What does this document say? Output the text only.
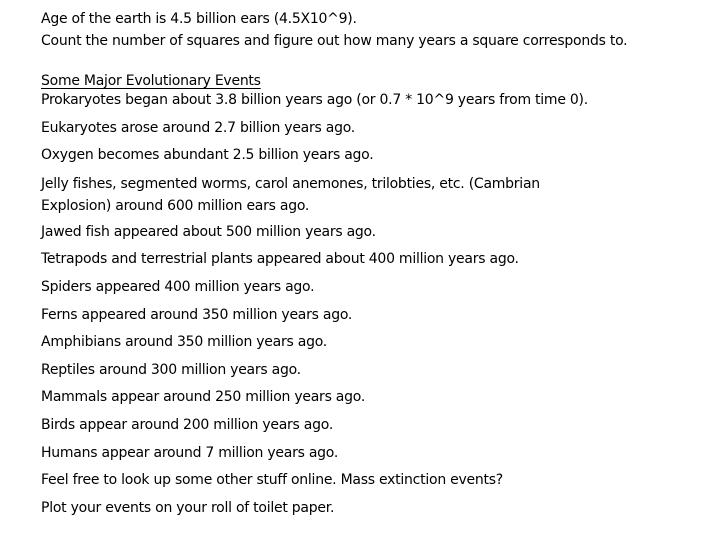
Age of the earth is 4.5 billion ears (4.5X10^9).
Count the number of squares and figure out how many years a square corresponds to.

Some Major Evolutionary Events

Prokaryotes began about 3.8 billion years ago (or 0.7 * 10^9 years from time 0).
Eukaryotes arose around 2.7 billion years ago.
Oxygen becomes abundant 2.5 billion years ago.
Jelly fishes, segmented worms, carol anemones, trilobties, etc. (Cambrian
Explosion) around 600 million ears ago.
Jawed fish appeared about 500 million years ago.
Tetrapods and terrestrial plants appeared about 400 million years ago.
Spiders appeared 400 million years ago.
Ferns appeared around 350 million years ago.
Amphibians around 350 million years ago.
Reptiles around 300 million years ago.
Mammals appear around 250 million years ago.
Birds appear around 200 million years ago.
Humans appear around 7 million years ago.
Feel free to look up some other stuff online. Mass extinction events?
Plot your events on your roll of toilet paper.
